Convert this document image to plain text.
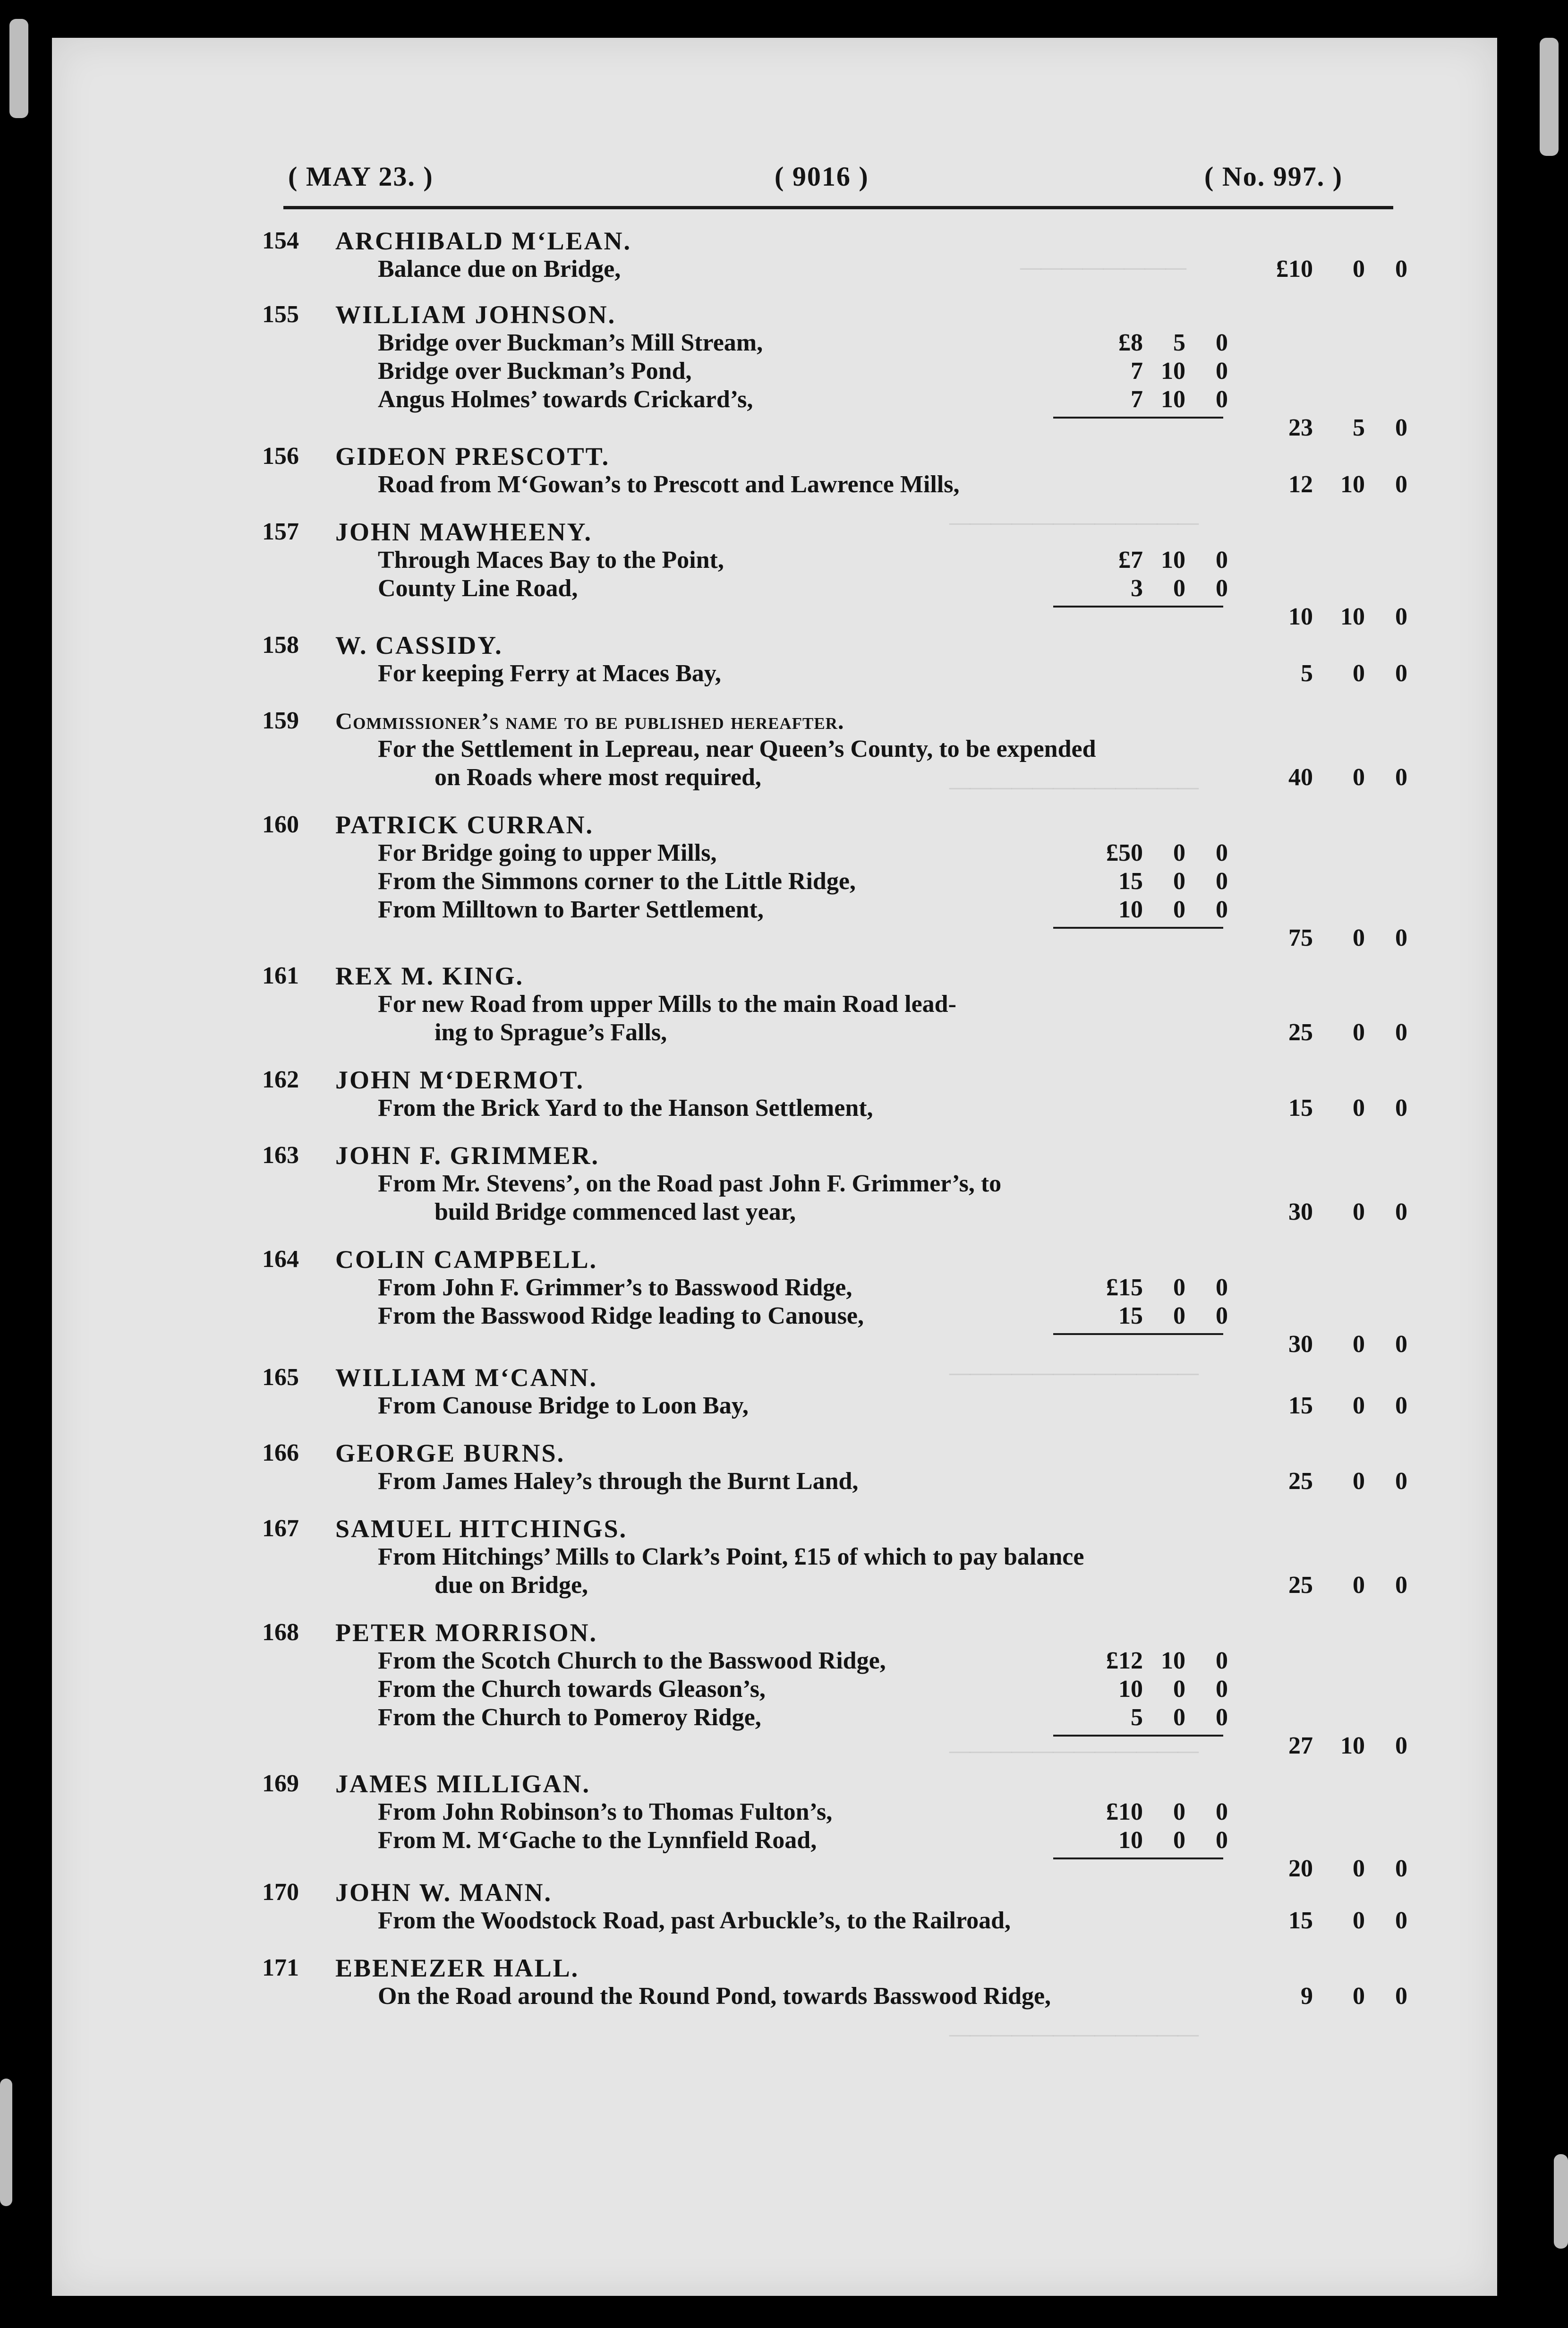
————————
————————————
————————————
————————————
————————————
————————————
( MAY 23. )	( 9016 )	( No. 997. )
154 ARCHIBALD M‘LEAN.
Balance due on Bridge,	£10	0	0
155 WILLIAM JOHNSON.
Bridge over Buckman’s Mill Stream,	£8	5	0
Bridge over Buckman’s Pond,	7 10	0
Angus Holmes’ towards Crickard’s,	7 10	0
23	5	0
156 GIDEON PRESCOTT.
Road from M‘Gowan’s to Prescott and Lawrence Mills,	12	10	0
157 JOHN MAWHEENY.
Through Maces Bay to the Point,	£7 10	0
County Line Road,	3	0	0
10	10	0
158 W. CASSIDY.
For keeping Ferry at Maces Bay,	5	0	0
159 Commissioner’s name to be published hereafter.
For the Settlement in Lepreau, near Queen’s County, to be expended
on Roads where most required,	40	0	0
160 PATRICK CURRAN.
For Bridge going to upper Mills,	£50	0	0
From the Simmons corner to the Little Ridge,	15	0	0
From Milltown to Barter Settlement,	10	0	0
75	0	0
161 REX M. KING.
For new Road from upper Mills to the main Road lead-
ing to Sprague’s Falls,	25	0	0
162 JOHN M‘DERMOT.
From the Brick Yard to the Hanson Settlement,	15	0	0
163 JOHN F. GRIMMER.
From Mr. Stevens’, on the Road past John F. Grimmer’s, to
build Bridge commenced last year,	30	0	0
164 COLIN CAMPBELL.
From John F. Grimmer’s to Basswood Ridge,	£15	0	0
From the Basswood Ridge leading to Canouse,	15	0	0
30	0	0
165 WILLIAM M‘CANN.
From Canouse Bridge to Loon Bay,	15	0	0
166 GEORGE BURNS.
From James Haley’s through the Burnt Land,	25	0	0
167 SAMUEL HITCHINGS.
From Hitchings’ Mills to Clark’s Point, £15 of which to pay balance
due on Bridge,	25	0	0
168 PETER MORRISON.
From the Scotch Church to the Basswood Ridge,	£12 10	0
From the Church towards Gleason’s,	10	0	0
From the Church to Pomeroy Ridge,	5	0	0
27	10	0
169 JAMES MILLIGAN.
From John Robinson’s to Thomas Fulton’s,	£10	0	0
From M. M‘Gache to the Lynnfield Road,	10	0	0
20	0	0
170 JOHN W. MANN.
From the Woodstock Road, past Arbuckle’s, to the Railroad,	15	0	0
171 EBENEZER HALL.
On the Road around the Round Pond, towards Basswood Ridge,	9	0	0
